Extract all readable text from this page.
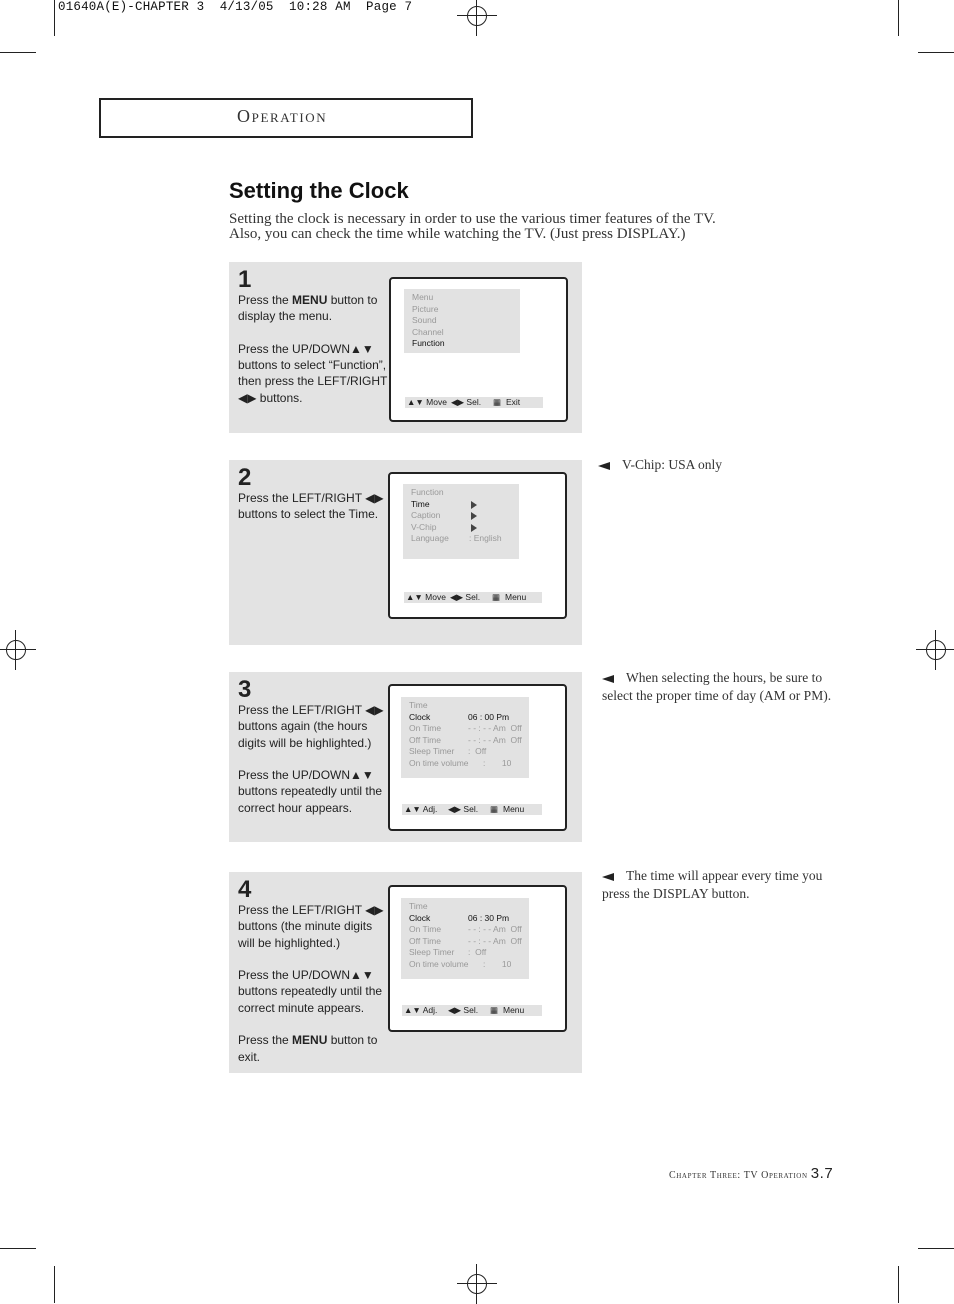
01640A(E)-CHAPTER 3  4/13/05  10:28 AM  Page 7
OPERATION
Setting the Clock
Setting the clock is necessary in order to use the various timer features of the TV.
Also, you can check the time while watching the TV. (Just press DISPLAY.)
1

Press the MENU button to display the menu.

Press the UP/DOWN▲▼ buttons to select “Function”, then press the LEFT/RIGHT ◀▶ buttons.

Menu
Picture
Sound
Channel
Function

▲▼ Move

◀▶ Sel.

▦

Exit

2

Press the LEFT/RIGHT ◀▶ buttons to select the Time.

Function
Time
Caption
V-Chip
Language : English

▲▼ Move

◀▶ Sel.

▦

Menu

3

Press the LEFT/RIGHT ◀▶ buttons again (the hours digits will be highlighted.)

Press the UP/DOWN▲▼ buttons repeatedly until the correct hour appears.

Time
Clock	06 : 00 Pm
On Time	- - : - - Am  Off
Off Time	- - : - - Am  Off
Sleep Timer :  Off
On time volume :       10

▲▼ Adj.

◀▶ Sel.

▦

Menu

4

Press the LEFT/RIGHT ◀▶ buttons (the minute digits will be highlighted.)

Press the UP/DOWN▲▼ buttons repeatedly until the correct minute appears.

Press the MENU button to exit.

Time
Clock	06 : 30 Pm
On Time	- - : - - Am  Off
Off Time	- - : - - Am  Off
Sleep Timer :  Off
On time volume :       10

▲▼ Adj.

◀▶ Sel.

▦

Menu

V-Chip: USA only
When selecting the hours, be sure to select the proper time of day (AM or PM).
The time will appear every time you press the DISPLAY button.
Chapter Three: TV Operation 3.7
